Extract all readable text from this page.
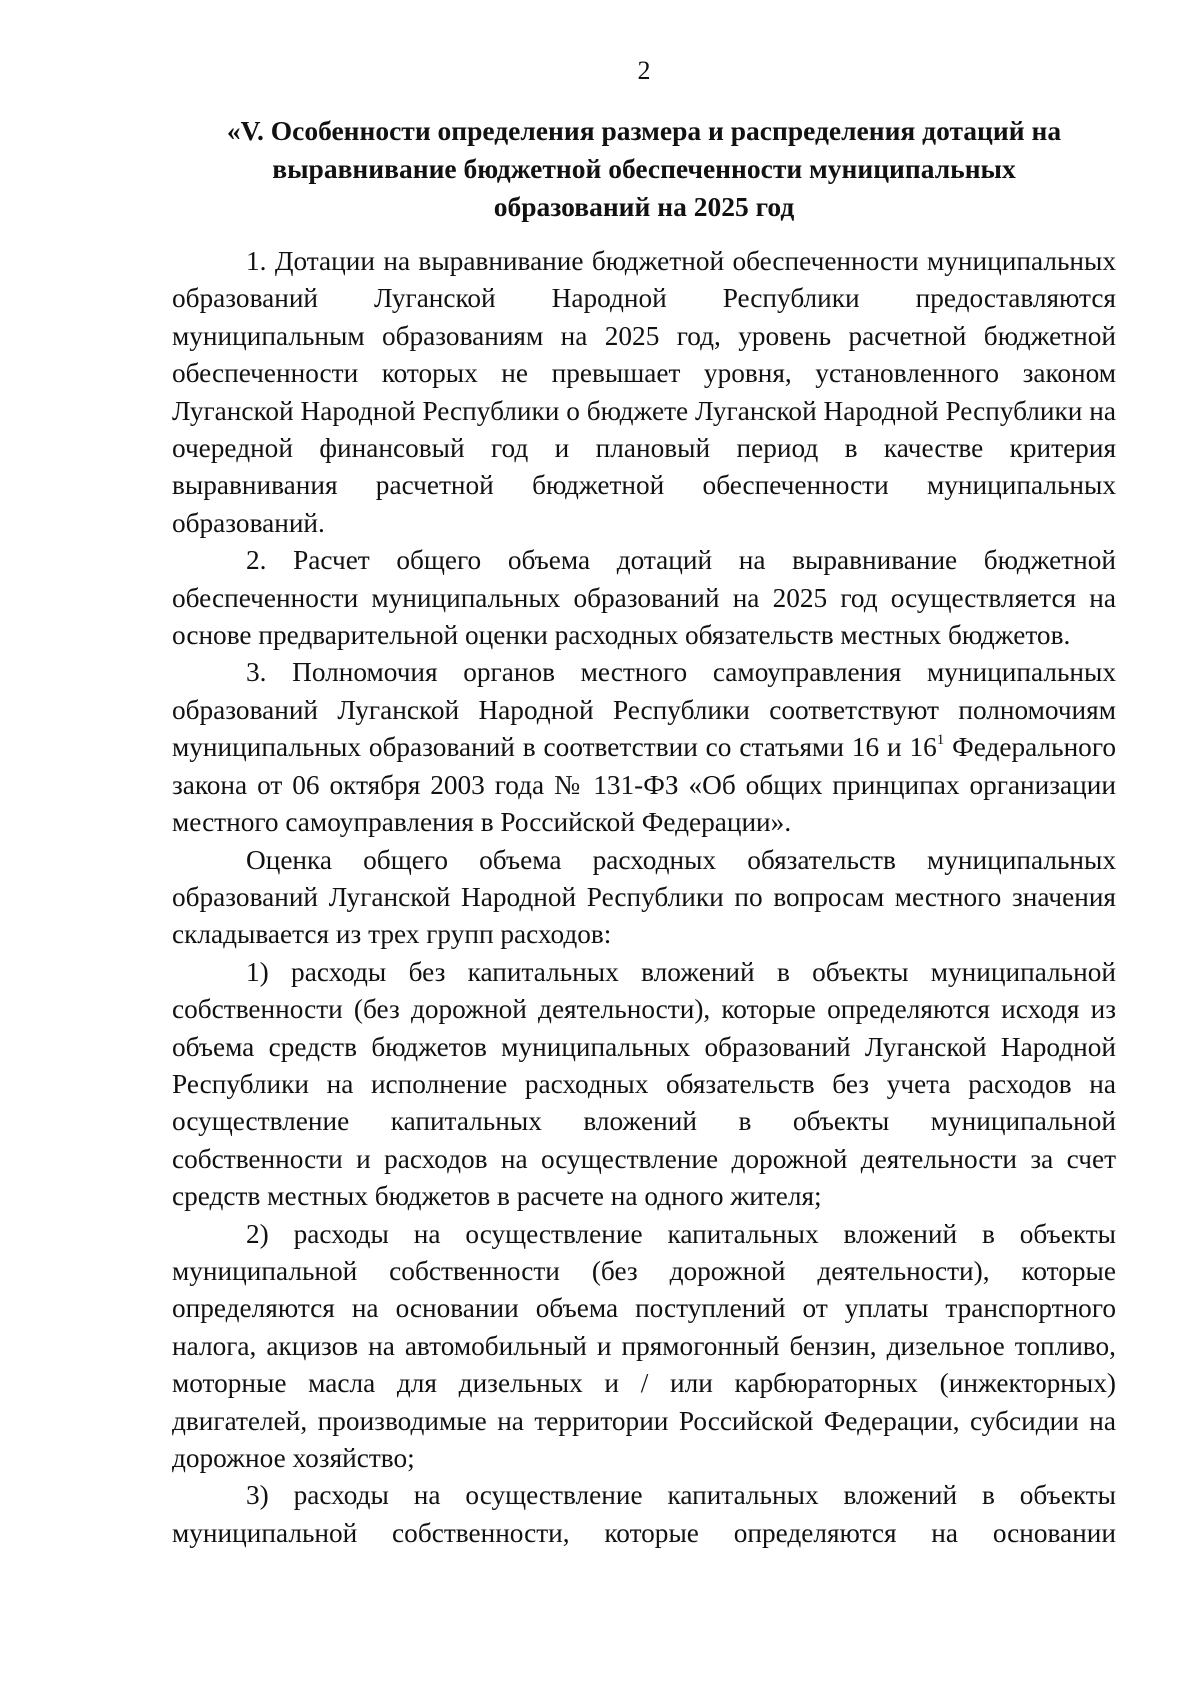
2
«V. Особенности определения размера и распределения дотаций на выравнивание бюджетной обеспеченности муниципальных образований на 2025 год

1. Дотации на выравнивание бюджетной обеспеченности муниципальных образований Луганской Народной Республики предоставляются муниципальным образованиям на 2025 год, уровень расчетной бюджетной обеспеченности которых не превышает уровня, установленного законом Луганской Народной Республики о бюджете Луганской Народной Республики на очередной финансовый год и плановый период в качестве критерия выравнивания расчетной бюджетной обеспеченности муниципальных образований.

2. Расчет общего объема дотаций на выравнивание бюджетной обеспеченности муниципальных образований на 2025 год осуществляется на основе предварительной оценки расходных обязательств местных бюджетов.

3. Полномочия органов местного самоуправления муниципальных образований Луганской Народной Республики соответствуют полномочиям муниципальных образований в соответствии со статьями 16 и $16^1$ Федерального закона от 06 октября 2003 года № 131-ФЗ «Об общих принципах организации местного самоуправления в Российской Федерации».

Оценка общего объема расходных обязательств муниципальных образований Луганской Народной Республики по вопросам местного значения складывается из трех групп расходов:

1) расходы без капитальных вложений в объекты муниципальной собственности (без дорожной деятельности), которые определяются исходя из объема средств бюджетов муниципальных образований Луганской Народной Республики на исполнение расходных обязательств без учета расходов на осуществление капитальных вложений в объекты муниципальной собственности и расходов на осуществление дорожной деятельности за счет средств местных бюджетов в расчете на одного жителя;

2) расходы на осуществление капитальных вложений в объекты муниципальной собственности (без дорожной деятельности), которые определяются на основании объема поступлений от уплаты транспортного налога, акцизов на автомобильный и прямогонный бензин, дизельное топливо, моторные масла для дизельных и / или карбюраторных (инжекторных) двигателей, производимые на территории Российской Федерации, субсидии на дорожное хозяйство;

3) расходы на осуществление капитальных вложений в объекты муниципальной собственности, которые определяются на основании
